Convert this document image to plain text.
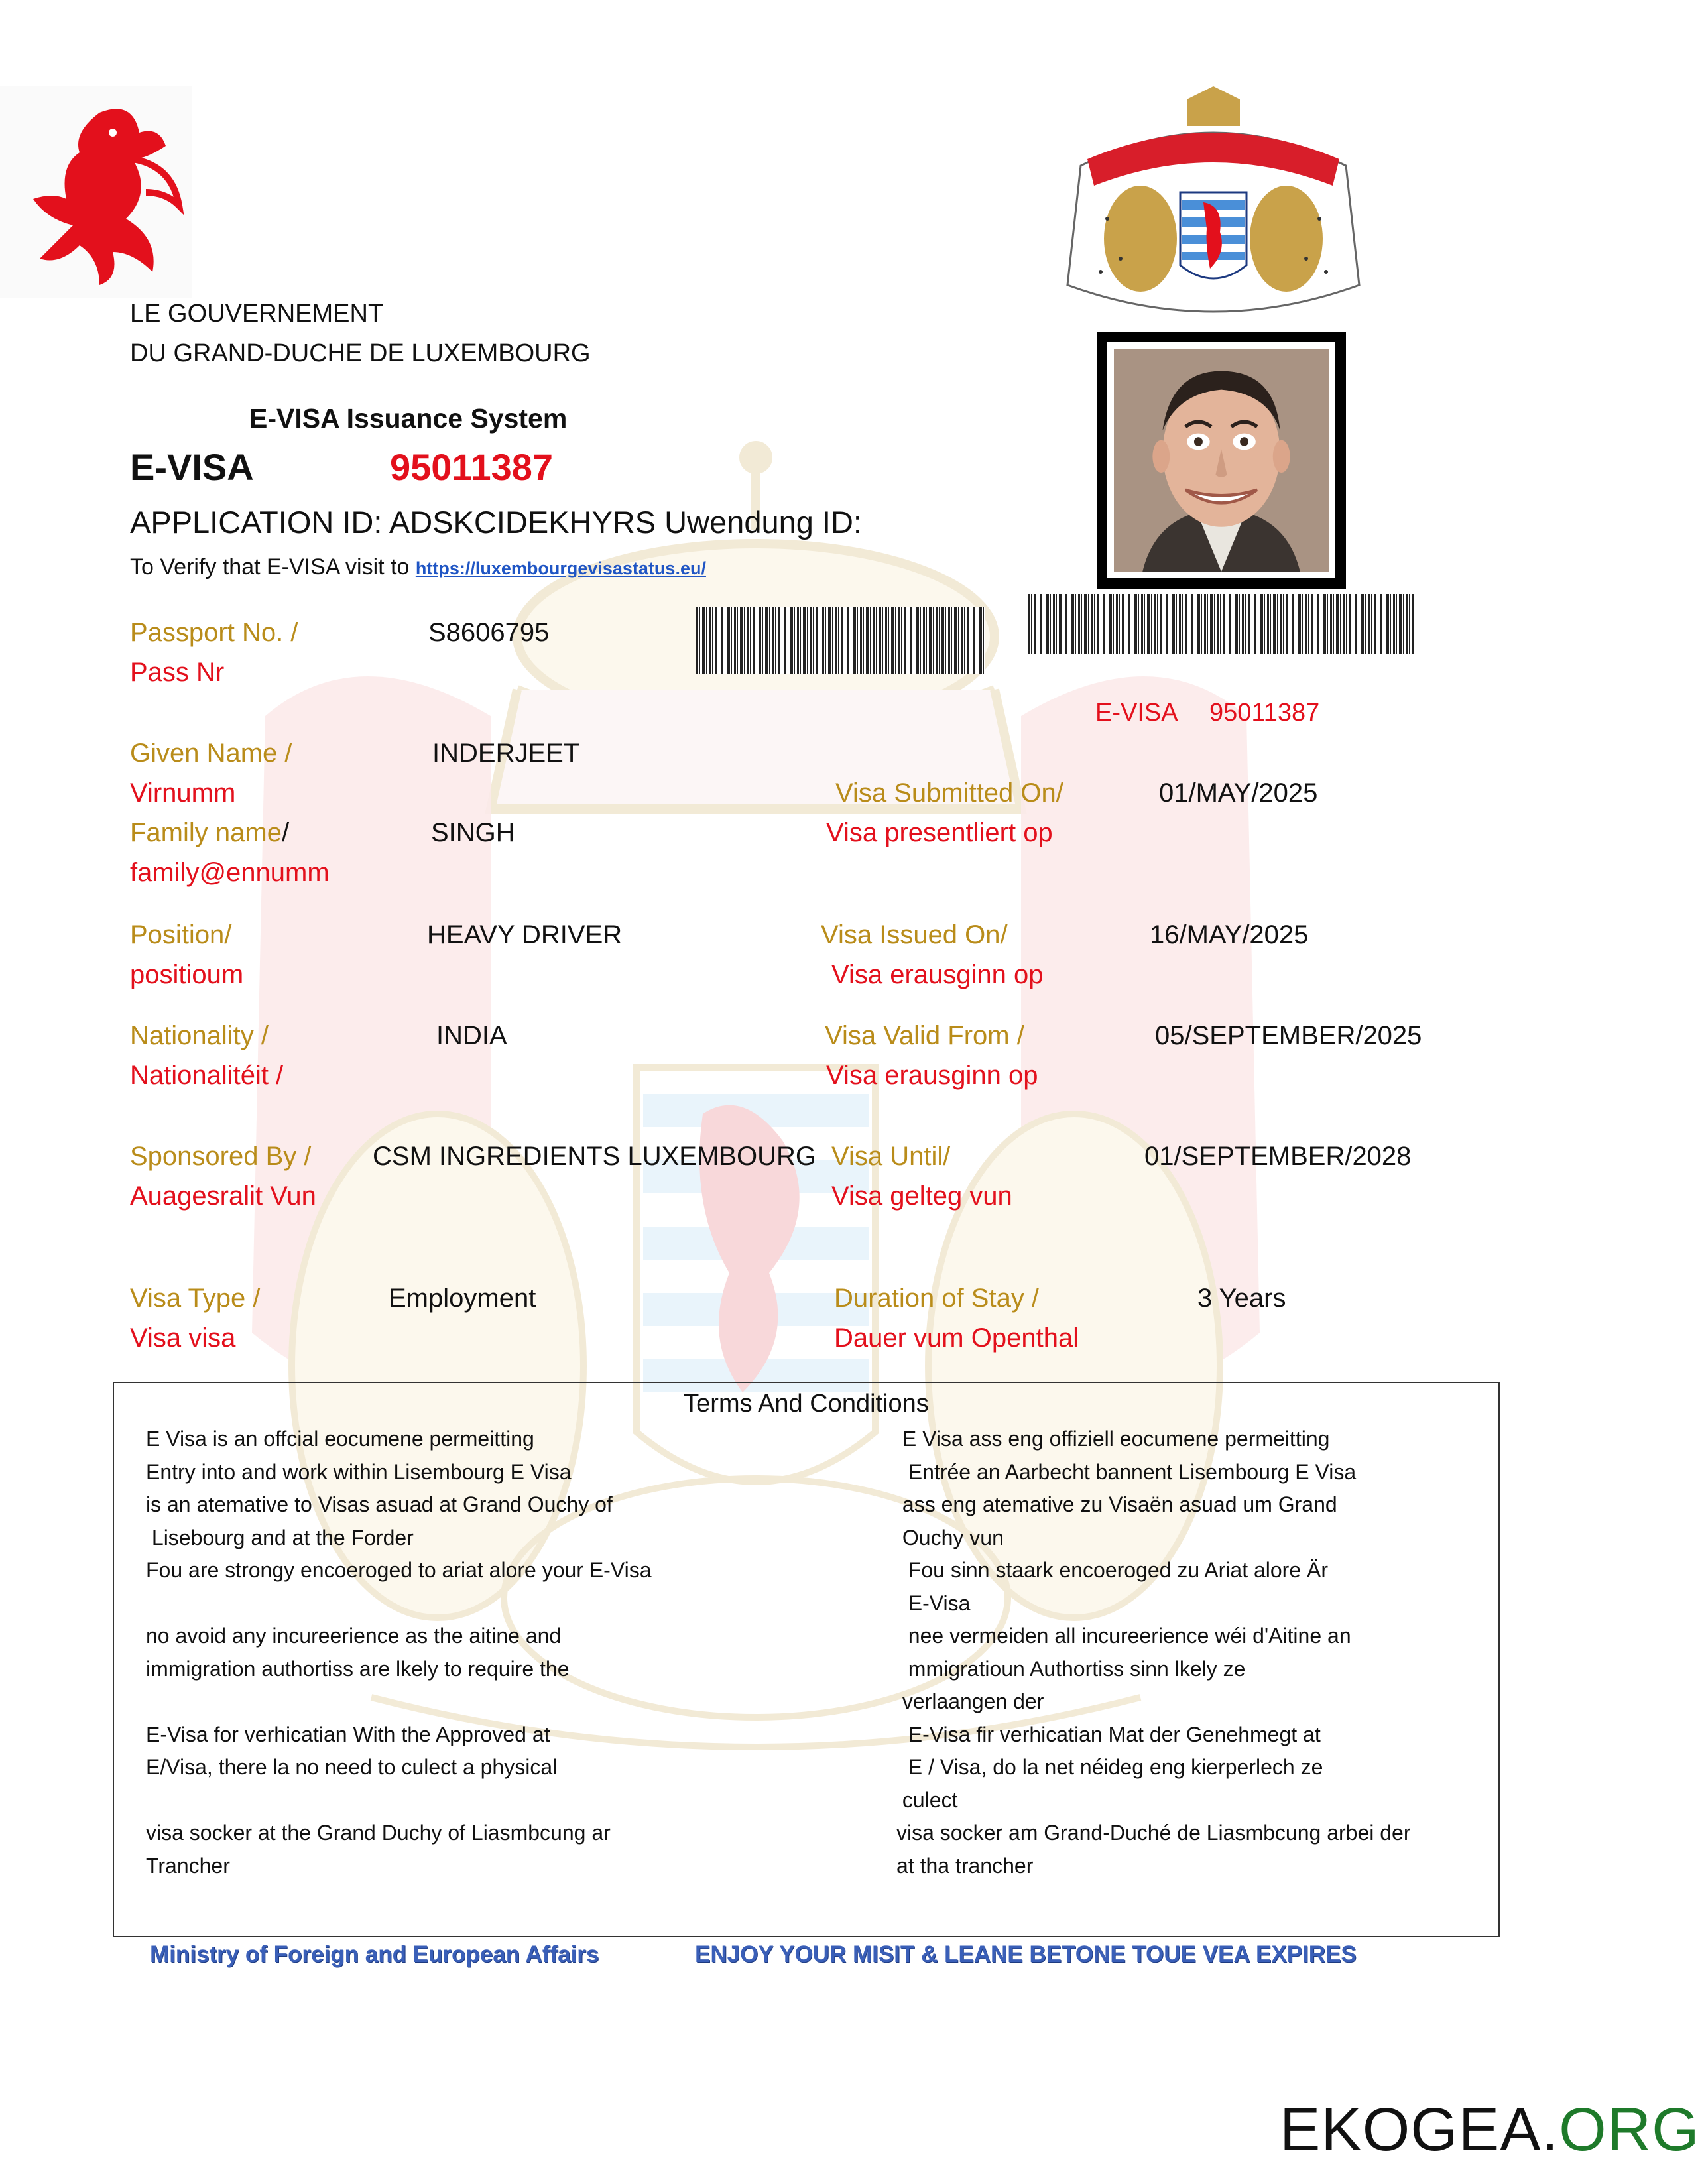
LE GOUVERNEMENT
DU GRAND-DUCHE DE LUXEMBOURG
E-VISA Issuance System
E-VISA	95011387
APPLICATION ID: ADSKCIDEKHYRS Uwendung ID:
To Verify that E-VISA visit to https://luxembourgevisastatus.eu/
E-VISA 95011387
Passport No. /
Pass Nr
S8606795
Given Name /
Virnumm
INDERJEET
Family name/
family@ennumm
SINGH
Position/
positioum
HEAVY DRIVER
Nationality /
Nationalitéit /
INDIA
Sponsored By /
Auagesralit Vun
CSM INGREDIENTS LUXEMBOURG
Visa Type /
Visa visa
Employment
Visa Submitted On/
Visa presentliert op
01/MAY/2025
Visa Issued On/
Visa erausginn op
16/MAY/2025
Visa Valid From /
Visa erausginn op
05/SEPTEMBER/2025
Visa Until/
Visa gelteg vun
01/SEPTEMBER/2028
Duration of Stay /
Dauer vum Openthal
3 Years
Terms And Conditions
E Visa is an offcial eocumene permeitting
Entry into and work within Lisembourg E Visa
is an atemative to Visas asuad at Grand Ouchy of
Lisebourg and at the Forder
Fou are strongy encoeroged to ariat alore your E-Visa
no avoid any incureerience as the aitine and
immigration authortiss are lkely to require the
E-Visa for verhicatian With the Approved at
E/Visa, there la no need to culect a physical
visa socker at the Grand Duchy of Liasmbcung ar
Trancher
E Visa ass eng offiziell eocumene permeitting
Entrée an Aarbecht bannent Lisembourg E Visa
ass eng atemative zu Visaën asuad um Grand
Ouchy vun
Fou sinn staark encoeroged zu Ariat alore Är
E-Visa
nee vermeiden all incureerience wéi d'Aitine an
mmigratioun Authortiss sinn lkely ze
verlaangen der
E-Visa fir verhicatian Mat der Genehmegt at
E / Visa, do la net néideg eng kierperlech ze
culect
visa socker am Grand-Duché de Liasmbcung arbei der
at tha trancher
Ministry of Foreign and European Affairs	ENJOY YOUR MISIT & LEANE BETONE TOUE VEA EXPIRES
EKOGEA.ORG
